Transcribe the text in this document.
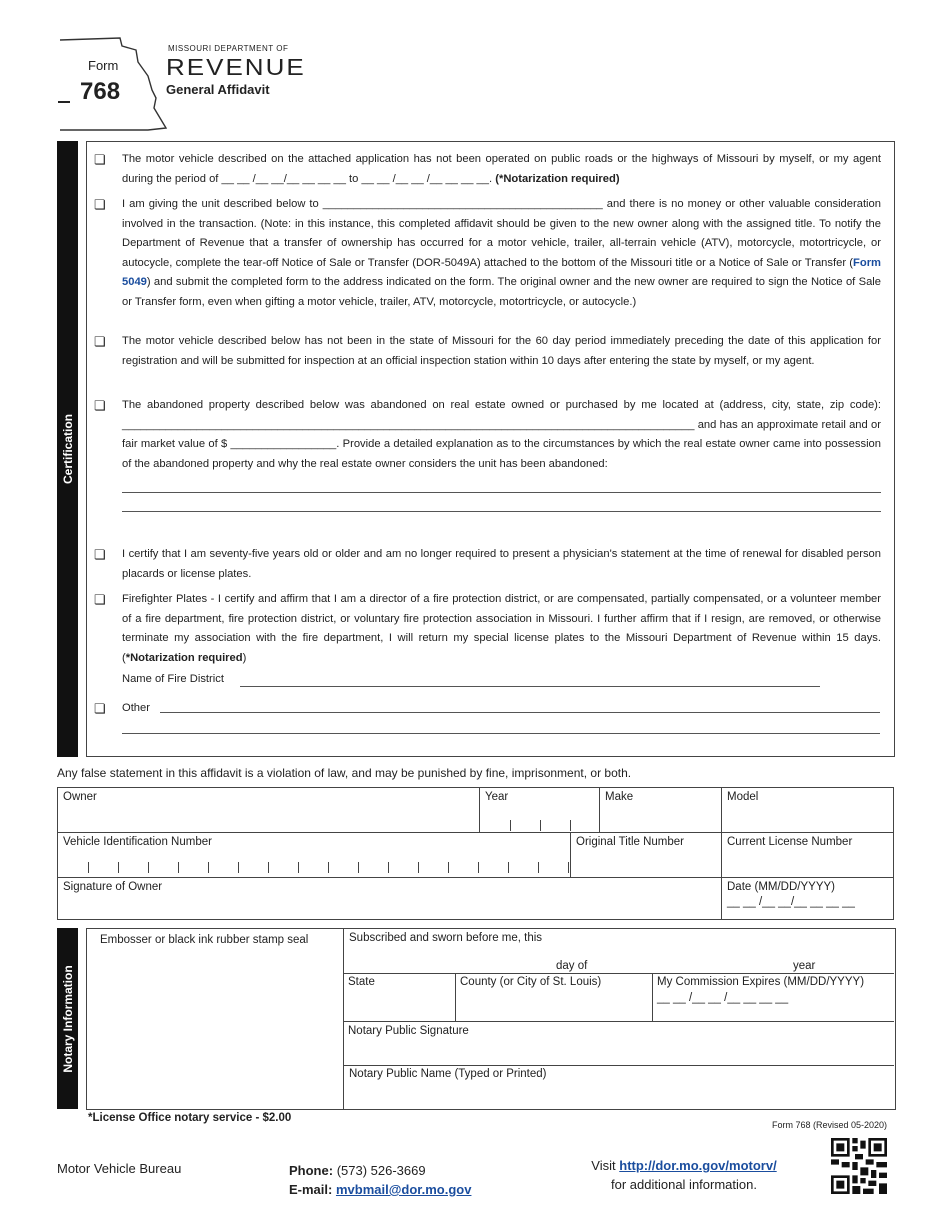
Form
768
MISSOURI DEPARTMENT OF
REVENUE
General Affidavit
Certification
❏ The motor vehicle described on the attached application has not been operated on public roads or the highways of Missouri by myself, or my agent during the period of __ __ /__ __/__ __ __ __ to __ __ /__ __ /__ __ __ __. (*Notarization required)
❏ I am giving the unit described below to _____________________________________________ and there is no money or other valuable consideration involved in the transaction. (Note: in this instance, this completed affidavit should be given to the new owner along with the assigned title. To notify the Department of Revenue that a transfer of ownership has occurred for a motor vehicle, trailer, all-terrain vehicle (ATV), motorcycle, motortricycle, or autocycle, complete the tear-off Notice of Sale or Transfer (DOR-5049A) attached to the bottom of the Missouri title or a Notice of Sale or Transfer (Form 5049) and submit the completed form to the address indicated on the form. The original owner and the new owner are required to sign the Notice of Sale or Transfer form, even when gifting a motor vehicle, trailer, ATV, motorcycle, motortricycle, or autocycle.)
❏ The motor vehicle described below has not been in the state of Missouri for the 60 day period immediately preceding the date of this application for registration and will be submitted for inspection at an official inspection station within 10 days after entering the state by myself, or my agent.
❏ The abandoned property described below was abandoned on real estate owned or purchased by me located at (address, city, state, zip code): ____________________________________________________________________________________________ and has an approximate retail and or fair market value of $ _________________. Provide a detailed explanation as to the circumstances by which the real estate owner came into possession of the abandoned property and why the real estate owner considers the unit has been abandoned:
❏ I certify that I am seventy-five years old or older and am no longer required to present a physician's statement at the time of renewal for disabled person placards or license plates.
❏ Firefighter Plates - I certify and affirm that I am a director of a fire protection district, or are compensated, partially compensated, or a volunteer member of a fire department, fire protection district, or voluntary fire protection association in Missouri. I further affirm that if I resign, are removed, or otherwise terminate my association with the fire department, I will return my special license plates to the Missouri Department of Revenue within 15 days. (*Notarization required)
Name of Fire District
❏ Other
Any false statement in this affidavit is a violation of law, and may be punished by fine, imprisonment, or both.
Owner	Year	Make	Model
Vehicle Identification Number	Original Title Number	Current License Number
Signature of Owner	Date (MM/DD/YYYY)
__ __ /__ __/__ __ __ __
Notary Information
Embosser or black ink rubber stamp seal	Subscribed and sworn before me, this
day of	year
State	County (or City of St. Louis)	My Commission Expires (MM/DD/YYYY)
__ __ /__ __ /__ __ __ __
Notary Public Signature
Notary Public Name (Typed or Printed)
*License Office notary service - $2.00
Form 768 (Revised 05-2020)
Motor Vehicle Bureau	Phone: (573) 526-3669
E-mail: mvbmail@dor.mo.gov
Visit http://dor.mo.gov/motorv/
for additional information.
